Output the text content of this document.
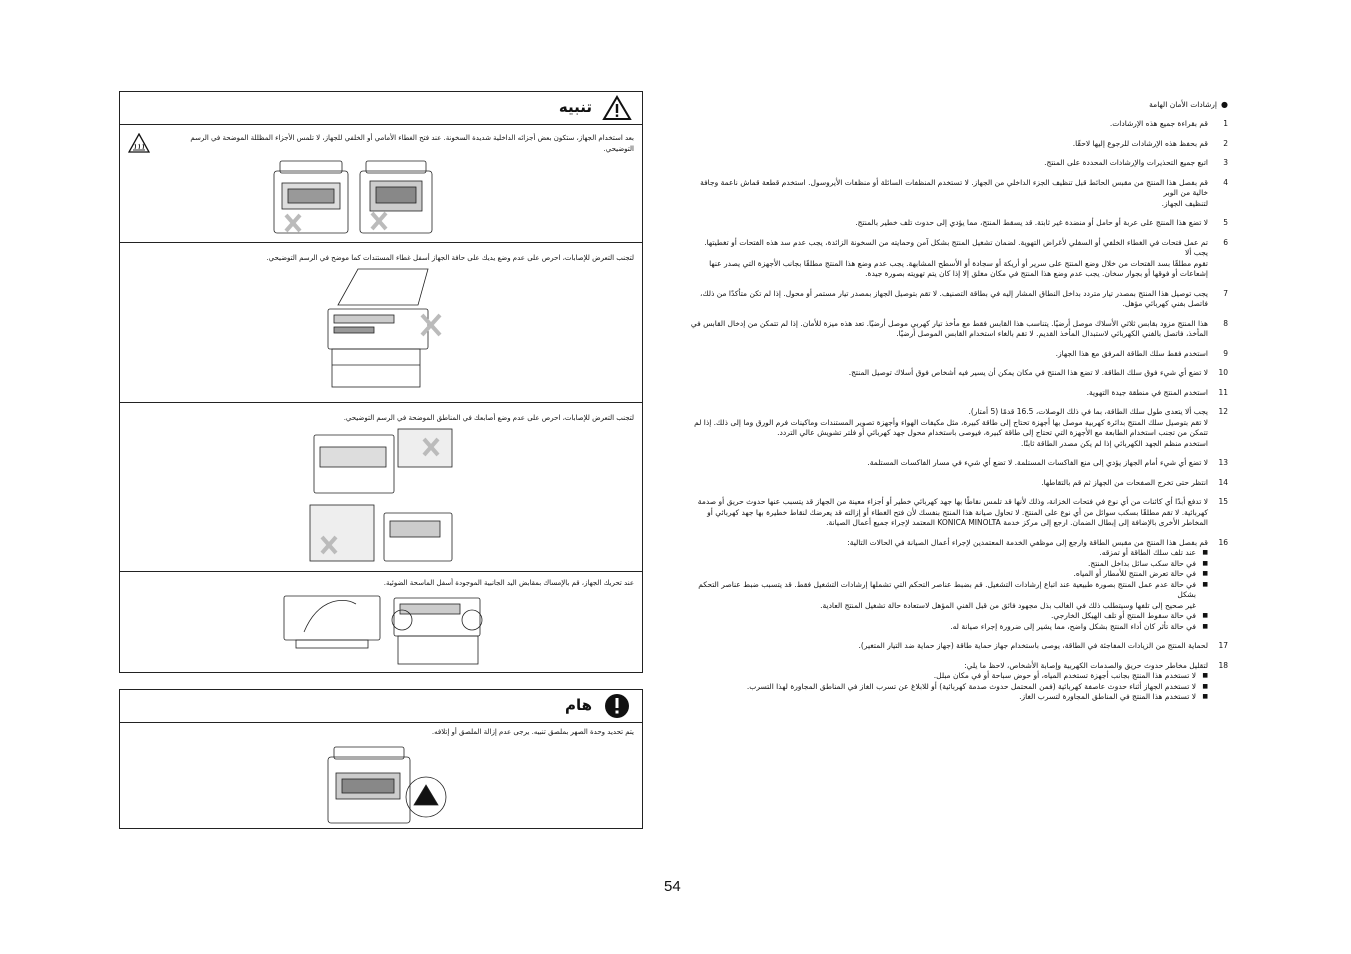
تنبيه

بعد استخدام الجهاز، ستكون بعض أجزائه الداخلية شديدة السخونة. عند فتح الغطاء الأمامي أو الخلفي للجهاز، لا تلمس الأجزاء المظللة الموضحة في الرسم
التوضيحي.

لتجنب التعرض للإصابات، احرص على عدم وضع يديك على حافة الجهاز أسفل غطاء المستندات كما موضح في الرسم التوضيحي.

لتجنب التعرض للإصابات، احرص على عدم وضع أصابعك في المناطق الموضحة في الرسم التوضيحي.

عند تحريك الجهاز، قم بالإمساك بمقابض اليد الجانبية الموجودة أسفل الماسحة الضوئية.

هام

يتم تحديد وحدة الصهر بملصق تنبيه. يرجى عدم إزالة الملصق أو إتلافه.

●إرشادات الأمان الهامة
1
قم بقراءة جميع هذه الإرشادات.
2
قم بحفظ هذه الإرشادات للرجوع إليها لاحقًا.
3
اتبع جميع التحذيرات والإرشادات المحددة على المنتج.
4
قم بفصل هذا المنتج من مقبس الحائط قبل تنظيف الجزء الداخلي من الجهاز. لا تستخدم المنظفات السائلة أو منظفات الأيروسول. استخدم قطعة قماش ناعمة وجافة خالية من الوبر
لتنظيف الجهاز.
5
لا تضع هذا المنتج على عربة أو حامل أو منضدة غير ثابتة. قد يسقط المنتج، مما يؤدي إلى حدوث تلف خطير بالمنتج.
6
تم عمل فتحات في الغطاء الخلفي أو السفلي لأغراض التهوية. لضمان تشغيل المنتج بشكل آمن وحمايته من السخونة الزائدة، يجب عدم سد هذه الفتحات أو تغطيتها. يجب ألا
تقوم مطلقًا بسد الفتحات من خلال وضع المنتج على سرير أو أريكة أو سجادة أو الأسطح المشابهة. يجب عدم وضع هذا المنتج مطلقًا بجانب الأجهزة التي يصدر عنها
إشعاعات أو فوقها أو بجوار سخان. يجب عدم وضع هذا المنتج في مكان مغلق إلا إذا كان يتم تهويته بصورة جيدة.
7
يجب توصيل هذا المنتج بمصدر تيار متردد بداخل النطاق المشار إليه في بطاقة التصنيف. لا تقم بتوصيل الجهاز بمصدر تيار مستمر أو محول. إذا لم تكن متأكدًا من ذلك،
فاتصل بفني كهربائي مؤهل.
8
هذا المنتج مزود بقابس ثلاثي الأسلاك موصل أرضيًا. يتناسب هذا القابس فقط مع مأخذ تيار كهربي موصل أرضيًا. تعد هذه ميزة للأمان. إذا لم تتمكن من إدخال القابس في
المأخذ، فاتصل بالفني الكهربائي لاستبدال المأخذ القديم. لا تقم بالغاء استخدام القابس الموصل أرضيًا.
9
استخدم فقط سلك الطاقة المرفق مع هذا الجهاز.
10
لا تضع أي شيء فوق سلك الطاقة. لا تضع هذا المنتج في مكان يمكن أن يسير فيه أشخاص فوق أسلاك توصيل المنتج.
11
استخدم المنتج في منطقة جيدة التهوية.
12
يجب ألا يتعدى طول سلك الطاقة، بما في ذلك الوصلات، 16.5 قدمًا (5 أمتار).
لا تقم بتوصيل سلك المنتج بدائرة كهربية موصل بها أجهزة تحتاج إلى طاقة كبيرة، مثل مكيفات الهواء وأجهزة تصوير المستندات وماكينات فرم الورق وما إلى ذلك. إذا لم
تتمكن من تجنب استخدام الطابعة مع الأجهزة التي تحتاج إلى طاقة كبيرة، فيوصى باستخدام محول جهد كهربائي أو فلتر تشويش عالي التردد.
استخدم منظم الجهد الكهربائي إذا لم يكن مصدر الطاقة ثابتًا.
13
لا تضع أي شيء أمام الجهاز يؤدي إلى منع الفاكسات المستلمة. لا تضع أي شيء في مسار الفاكسات المستلمة.
14
انتظر حتى تخرج الصفحات من الجهاز ثم قم بالتقاطها.
15
لا تدفع أبدًا أي كائنات من أي نوع في فتحات الخزانة، وذلك لأنها قد تلمس نقاطًا بها جهد كهربائي خطير أو أجزاء معينة من الجهاز قد يتسبب عنها حدوث حريق أو صدمة
كهربائية. لا تقم مطلقًا بسكب سوائل من أي نوع على المنتج. لا تحاول صيانة هذا المنتج بنفسك لأن فتح الغطاء أو إزالته قد يعرضك لنقاط خطيرة بها جهد كهربائي أو
المخاطر الأخرى بالإضافة إلى إبطال الضمان. ارجع إلى مركز خدمة KONICA MINOLTA المعتمد لإجراء جميع أعمال الصيانة.
16
قم بفصل هذا المنتج من مقبس الطاقة وارجع إلى موظفي الخدمة المعتمدين لإجراء أعمال الصيانة في الحالات التالية:
■ عند تلف سلك الطاقة أو تمزقه.
■ في حالة سكب سائل بداخل المنتج.
■ في حالة تعرض المنتج للأمطار أو المياه.
■ في حالة عدم عمل المنتج بصورة طبيعية عند اتباع إرشادات التشغيل. قم بضبط عناصر التحكم التي تشملها إرشادات التشغيل فقط. قد يتسبب ضبط عناصر التحكم بشكل
غير صحيح إلى تلفها وسيتطلب ذلك في الغالب بذل مجهود فائق من قبل الفني المؤهل لاستعادة حالة تشغيل المنتج العادية.
■ في حالة سقوط المنتج أو تلف الهيكل الخارجي.
■ في حالة تأثر كان أداء المنتج بشكل واضح، مما يشير إلى ضرورة إجراء صيانة له.
17
لحماية المنتج من الزيادات المفاجئة في الطاقة، يوصى باستخدام جهاز حماية طاقة (جهاز حماية ضد التيار المتغير).
18
لتقليل مخاطر حدوث حريق والصدمات الكهربية وإصابة الأشخاص، لاحظ ما يلي:
■ لا تستخدم هذا المنتج بجانب أجهزة تستخدم المياه، أو حوض سباحة أو في مكان مبلل.
■ لا تستخدم الجهاز أثناء حدوث عاصفة كهربائية (فمن المحتمل حدوث صدمة كهربائية) أو للابلاغ عن تسرب الغاز في المناطق المجاورة لهذا التسرب.
■ لا تستخدم هذا المنتج في المناطق المجاورة لتسرب الغاز.
54
